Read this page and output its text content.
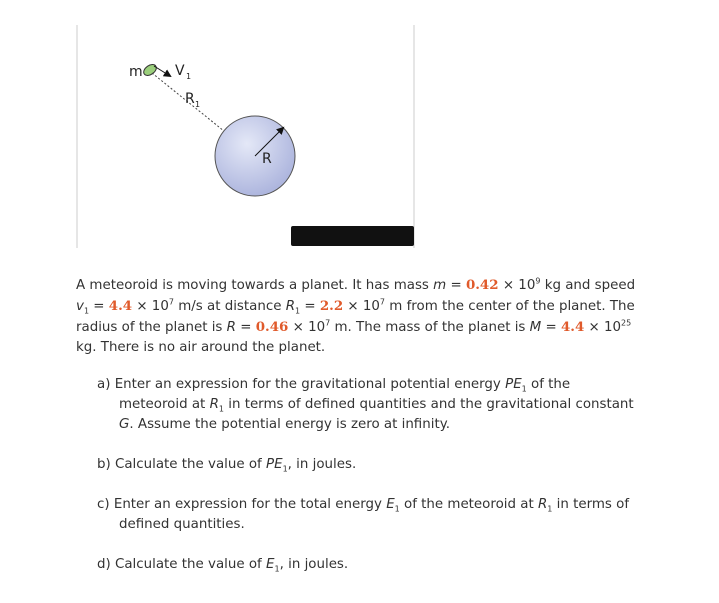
m V 1
R 1
R
A meteoroid is moving towards a planet. It has mass $m = 0.42 \times 10^9$ kg and speed $v_1 = 4.4 \times 10^7$ m/s at distance $R_1 = 2.2 \times 10^7$ m from the center of the planet. The radius of the planet is $R = 0.46 \times 10^7$ m. The mass of the planet is $M = 4.4 \times 10^{25}$ kg. There is no air around the planet.
a) Enter an expression for the gravitational potential energy $PE_1$ of the meteoroid at $R_1$ in terms of defined quantities and the gravitational constant G. Assume the potential energy is zero at infinity.
b) Calculate the value of $PE_1$, in joules.
c) Enter an expression for the total energy $E_1$ of the meteoroid at $R_1$ in terms of defined quantities.
d) Calculate the value of $E_1$, in joules.
